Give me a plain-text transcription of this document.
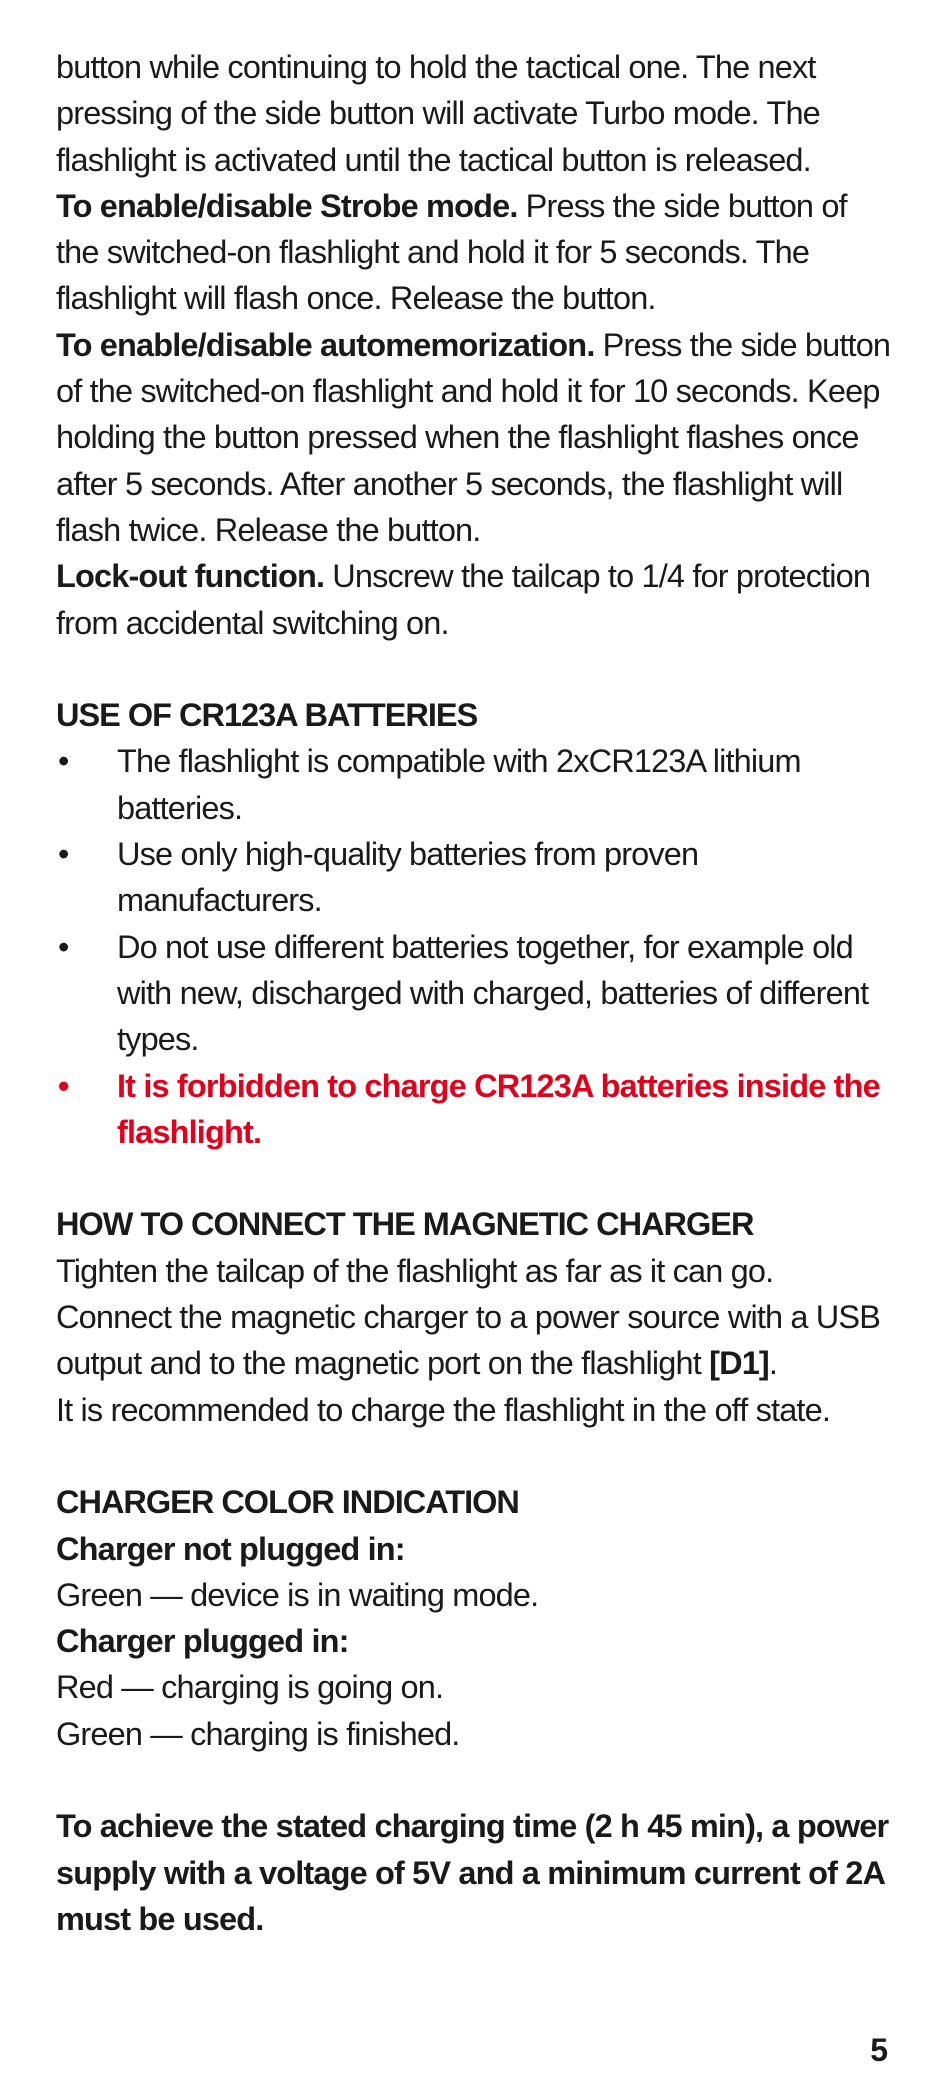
button while continuing to hold the tactical one. The next pressing of the side button will activate Turbo mode. The flashlight is activated until the tactical button is released.

To enable/disable Strobe mode. Press the side button of the switched-on flashlight and hold it for 5 seconds. The flashlight will flash once. Release the button.

To enable/disable automemorization. Press the side button of the switched-on flashlight and hold it for 10 seconds. Keep holding the button pressed when the flashlight flashes once after 5 seconds. After another 5 seconds, the flashlight will flash twice. Release the button.

Lock-out function. Unscrew the tailcap to 1/4 for protection from accidental switching on.

USE OF CR123A BATTERIES
• The flashlight is compatible with 2xCR123A lithium batteries.
• Use only high-quality batteries from proven manufacturers.
• Do not use different batteries together, for example old with new, discharged with charged, batteries of different types.
• It is forbidden to charge CR123A batteries inside the flashlight.
HOW TO CONNECT THE MAGNETIC CHARGER

Tighten the tailcap of the flashlight as far as it can go. Connect the magnetic charger to a power source with a USB output and to the magnetic port on the flashlight [D1].

It is recommended to charge the flashlight in the off state.

CHARGER COLOR INDICATION

Charger not plugged in:

Green — device is in waiting mode.

Charger plugged in:

Red — charging is going on.

Green — charging is finished.

To achieve the stated charging time (2 h 45 min), a power supply with a voltage of 5V and a minimum current of 2A must be used.

5
